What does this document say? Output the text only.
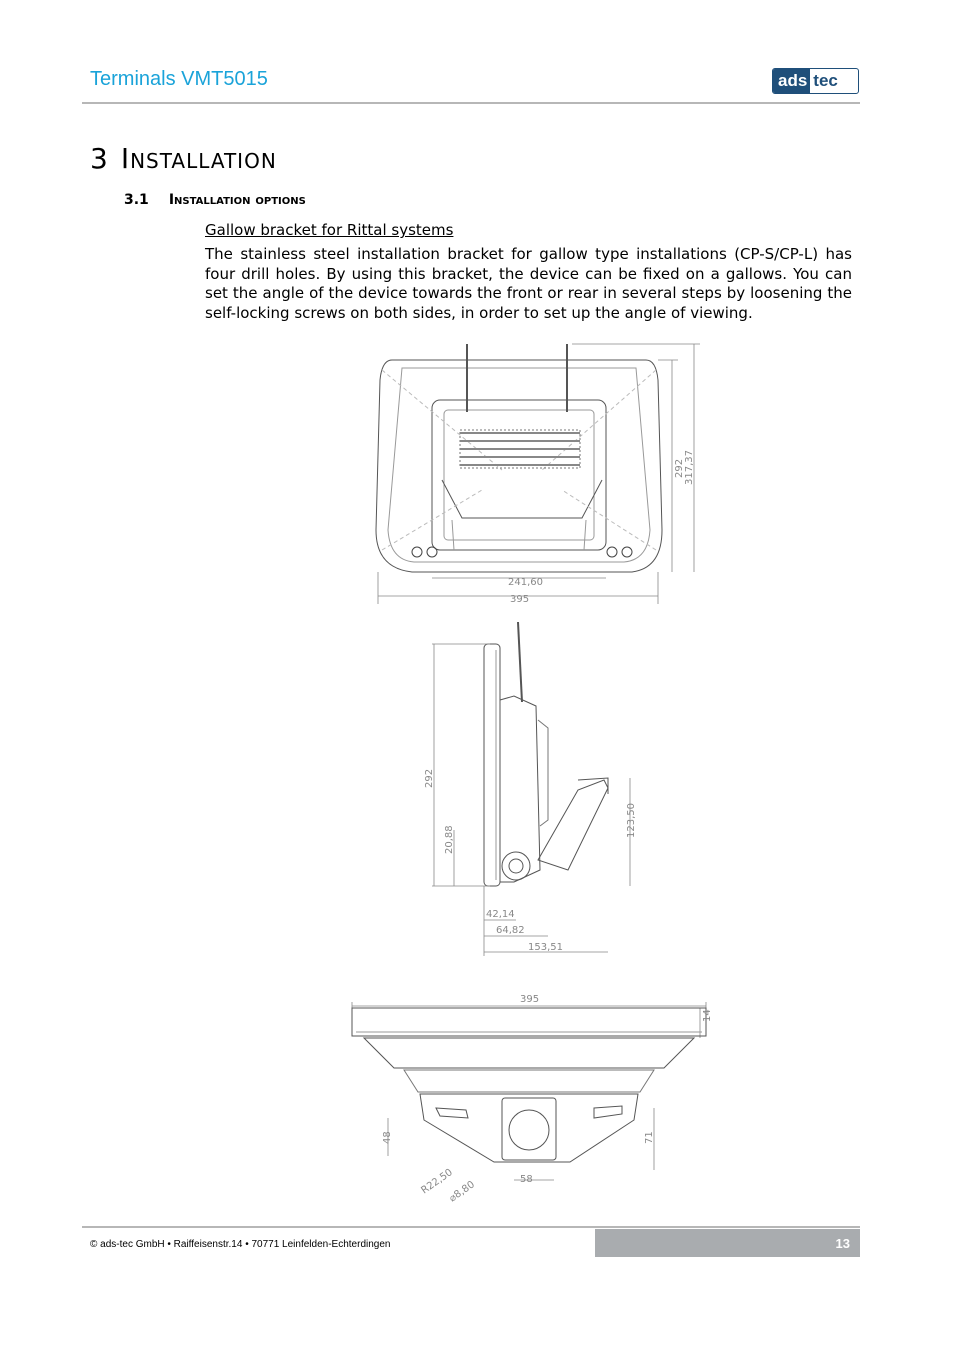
Terminals VMT5015	ads tec
3 Installation
3.1 Installation options
Gallow bracket for Rittal systems
The stainless steel installation bracket for gallow type installations (CP-S/CP-L) has four drill holes. By using this bracket, the device can be fixed on a gallows. You can set the angle of the device towards the front or rear in several steps by loosening the self-locking screws on both sides, in order to set up the angle of viewing.
241,60
395
292 317,37
292
20,88
123,50
42,14
64,82
153,51
395
14
48	71
R22,50
⌀8,80	58
© ads-tec GmbH • Raiffeisenstr.14 • 70771 Leinfelden-Echterdingen	13
